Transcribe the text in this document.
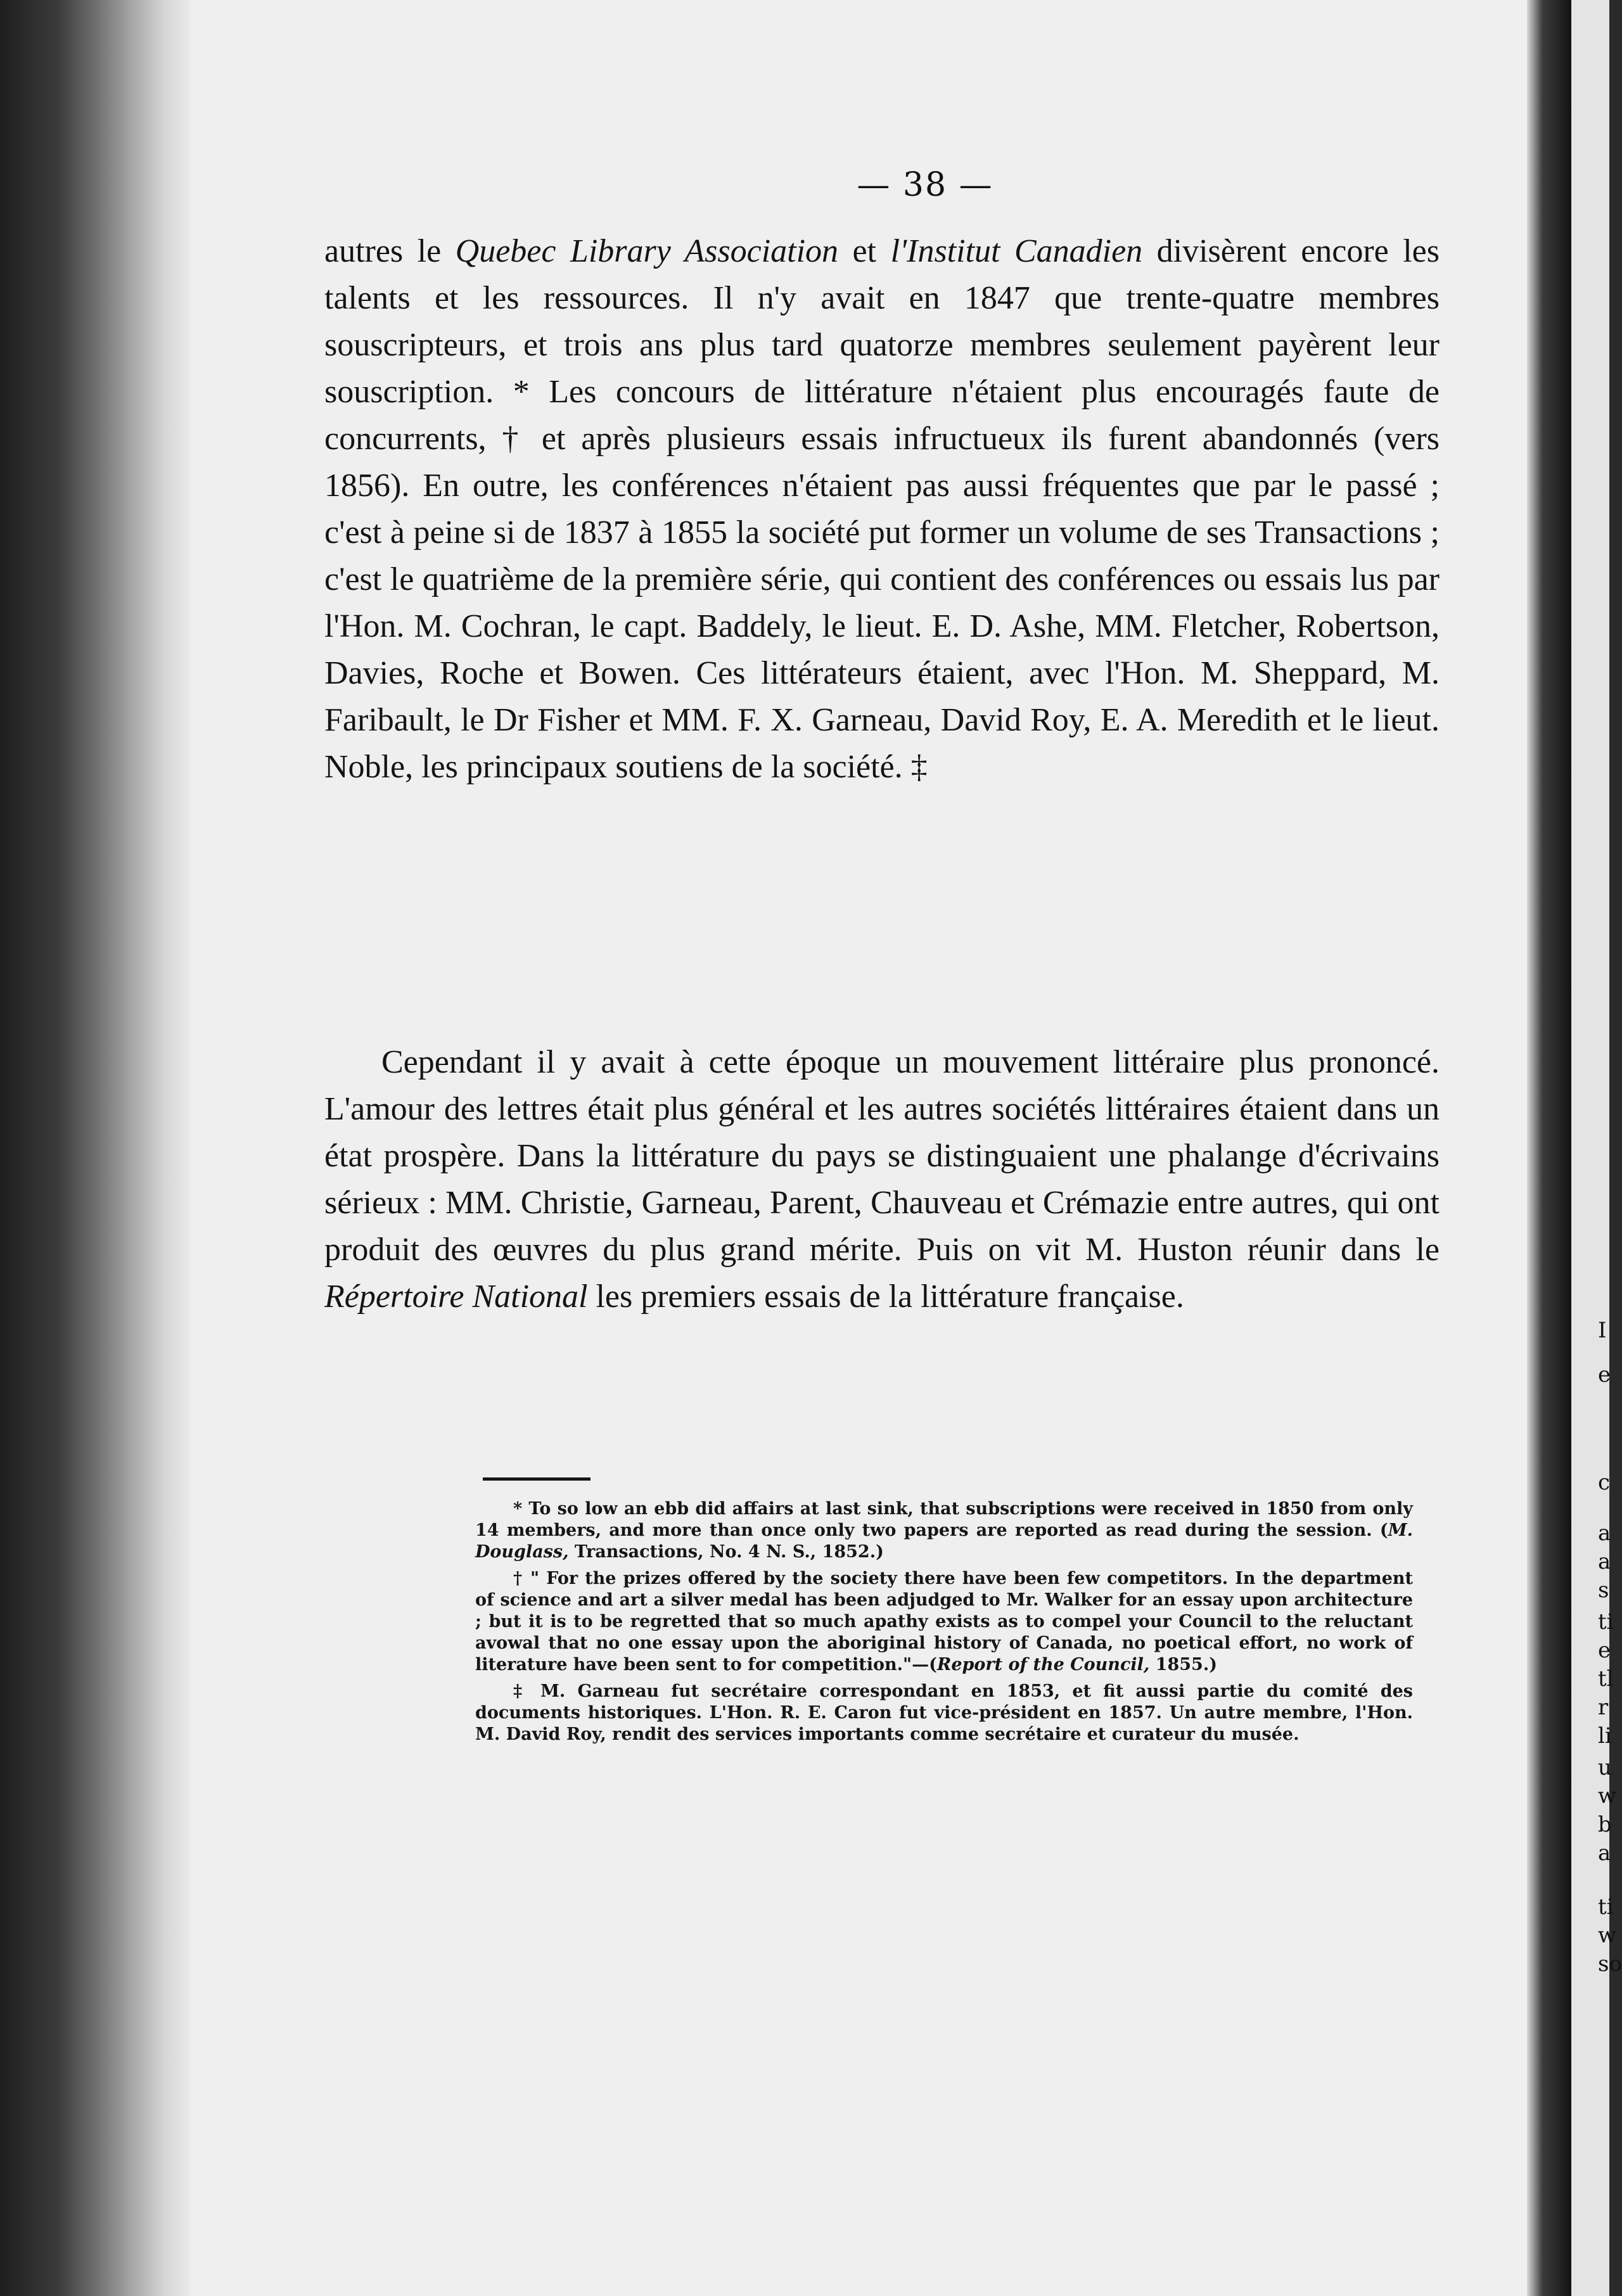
I
e
c
a
a
s
ti
e
tl
r
li
u
w
b
a
ti
w
so
— 38 —

autres le Quebec Library Association et l'Institut Canadien divisèrent encore les talents et les ressources. Il n'y avait en 1847 que trente-quatre membres souscripteurs, et trois ans plus tard quatorze membres seulement payèrent leur souscription. * Les concours de littérature n'étaient plus encouragés faute de concurrents, † et après plusieurs essais infructueux ils furent abandonnés (vers 1856). En outre, les conférences n'étaient pas aussi fréquentes que par le passé ; c'est à peine si de 1837 à 1855 la société put former un volume de ses Transactions ; c'est le quatrième de la première série, qui contient des conférences ou essais lus par l'Hon. M. Cochran, le capt. Baddely, le lieut. E. D. Ashe, MM. Fletcher, Robertson, Davies, Roche et Bowen. Ces littérateurs étaient, avec l'Hon. M. Sheppard, M. Faribault, le Dr Fisher et MM. F. X. Garneau, David Roy, E. A. Meredith et le lieut. Noble, les principaux soutiens de la société. ‡

Cependant il y avait à cette époque un mouvement littéraire plus prononcé. L'amour des lettres était plus général et les autres sociétés littéraires étaient dans un état prospère. Dans la littérature du pays se distinguaient une phalange d'écrivains sérieux : MM. Christie, Garneau, Parent, Chauveau et Crémazie entre autres, qui ont produit des œuvres du plus grand mérite. Puis on vit M. Huston réunir dans le Répertoire National les premiers essais de la littérature française.

* To so low an ebb did affairs at last sink, that subscriptions were received in 1850 from only 14 members, and more than once only two papers are reported as read during the session. (M. Douglass, Transactions, No. 4 N. S., 1852.)

† " For the prizes offered by the society there have been few competitors. In the department of science and art a silver medal has been adjudged to Mr. Walker for an essay upon architecture ; but it is to be regretted that so much apathy exists as to compel your Council to the reluctant avowal that no one essay upon the aboriginal history of Canada, no poetical effort, no work of literature have been sent to for competition."—(Report of the Council, 1855.)

‡ M. Garneau fut secrétaire correspondant en 1853, et fit aussi partie du comité des documents historiques. L'Hon. R. E. Caron fut vice-président en 1857. Un autre membre, l'Hon. M. David Roy, rendit des services importants comme secrétaire et curateur du musée.
